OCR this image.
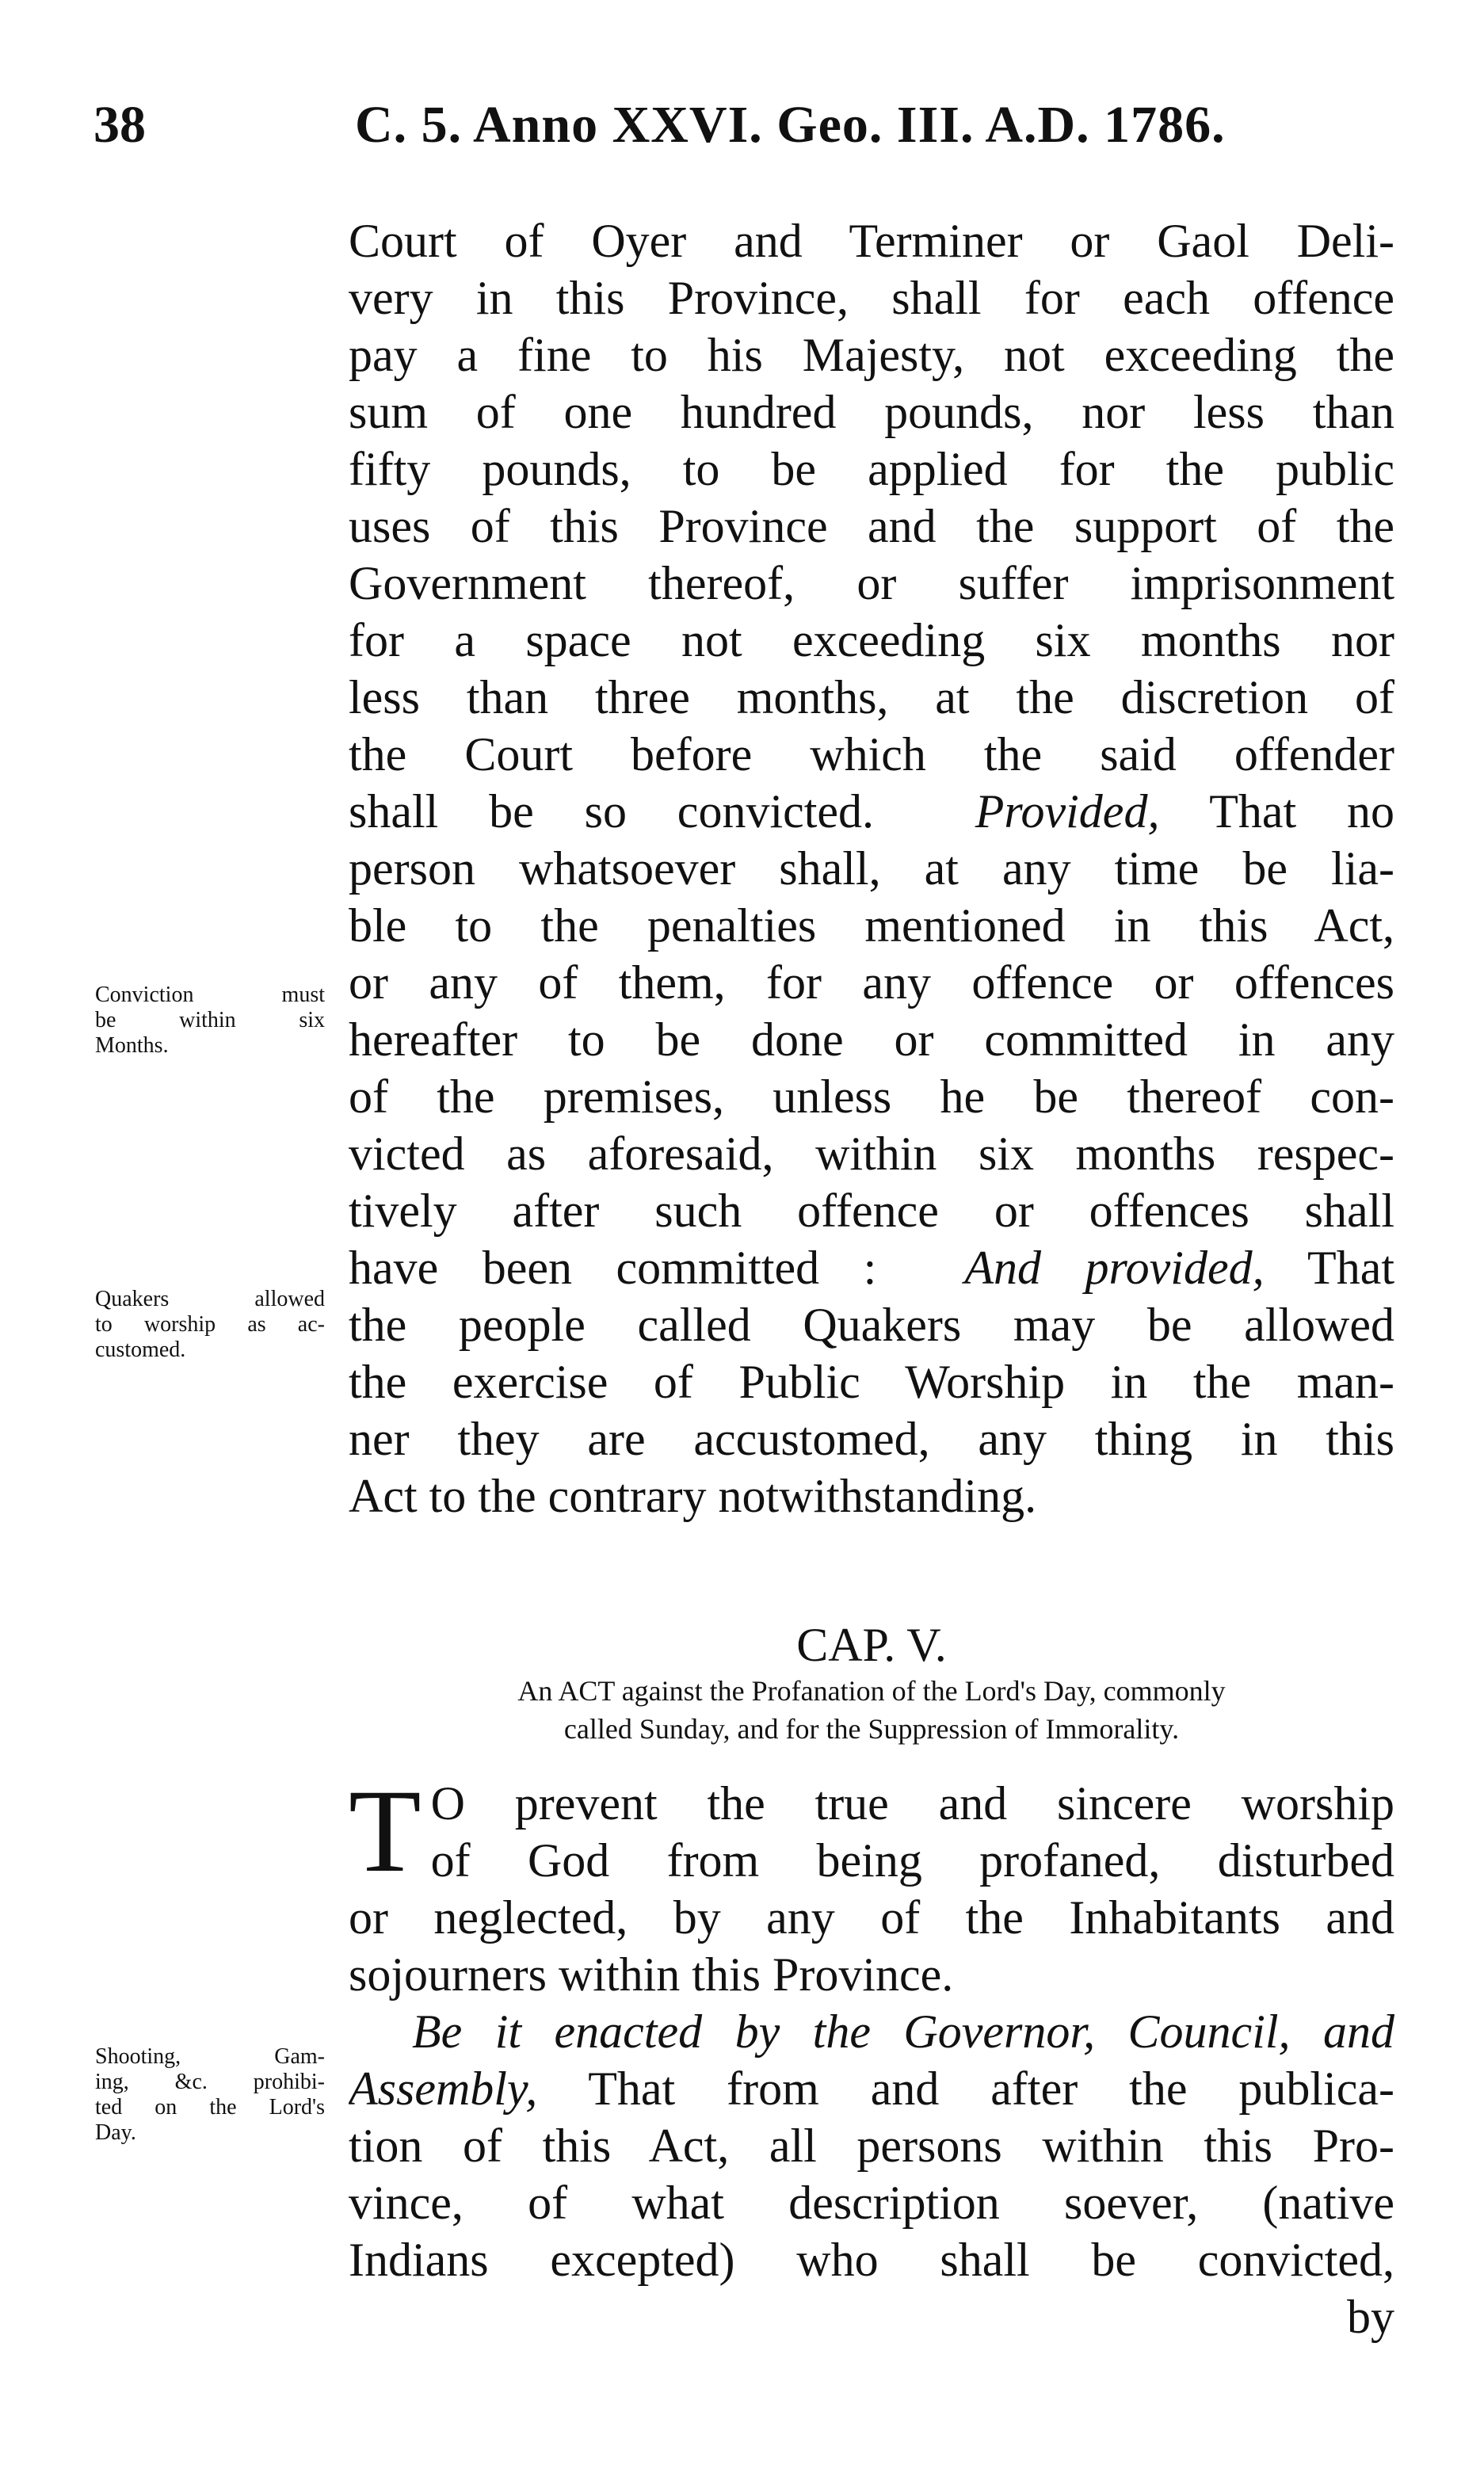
38	C. 5. Anno XXVI. Geo. III. A.D. 1786.
Court of Oyer and Terminer or Gaol Deli-
very in this Province, shall for each offence
pay a fine to his Majesty, not exceeding the
sum of one hundred pounds, nor less than
fifty pounds, to be applied for the public
uses of this Province and the support of the
Government thereof, or suffer imprisonment
for a space not exceeding six months nor
less than three months, at the discretion of
the Court before which the said offender
shall be so convicted. Provided, That no
person whatsoever shall, at any time be lia-
ble to the penalties mentioned in this Act,
or any of them, for any offence or offences
hereafter to be done or committed in any
of the premises, unless he be thereof con-
victed as aforesaid, within six months respec-
tively after such offence or offences shall
have been committed : And provided, That
the people called Quakers may be allowed
the exercise of Public Worship in the man-
ner they are accustomed, any thing in this
Act to the contrary notwithstanding.
Conviction must
be within six
Months.
Quakers allowed
to worship as ac-
customed.
CAP. V.
An ACT against the Profanation of the Lord's Day, commonly
called Sunday, and for the Suppression of Immorality.
T O prevent the true and sincere worship
of God from being profaned, disturbed
or neglected, by any of the Inhabitants and
sojourners within this Province.
Be it enacted by the Governor, Council, and
Assembly, That from and after the publica-
tion of this Act, all persons within this Pro-
vince, of what description soever, (native
Indians excepted) who shall be convicted,
by
Shooting, Gam-
ing, &c. prohibi-
ted on the Lord's
Day.
